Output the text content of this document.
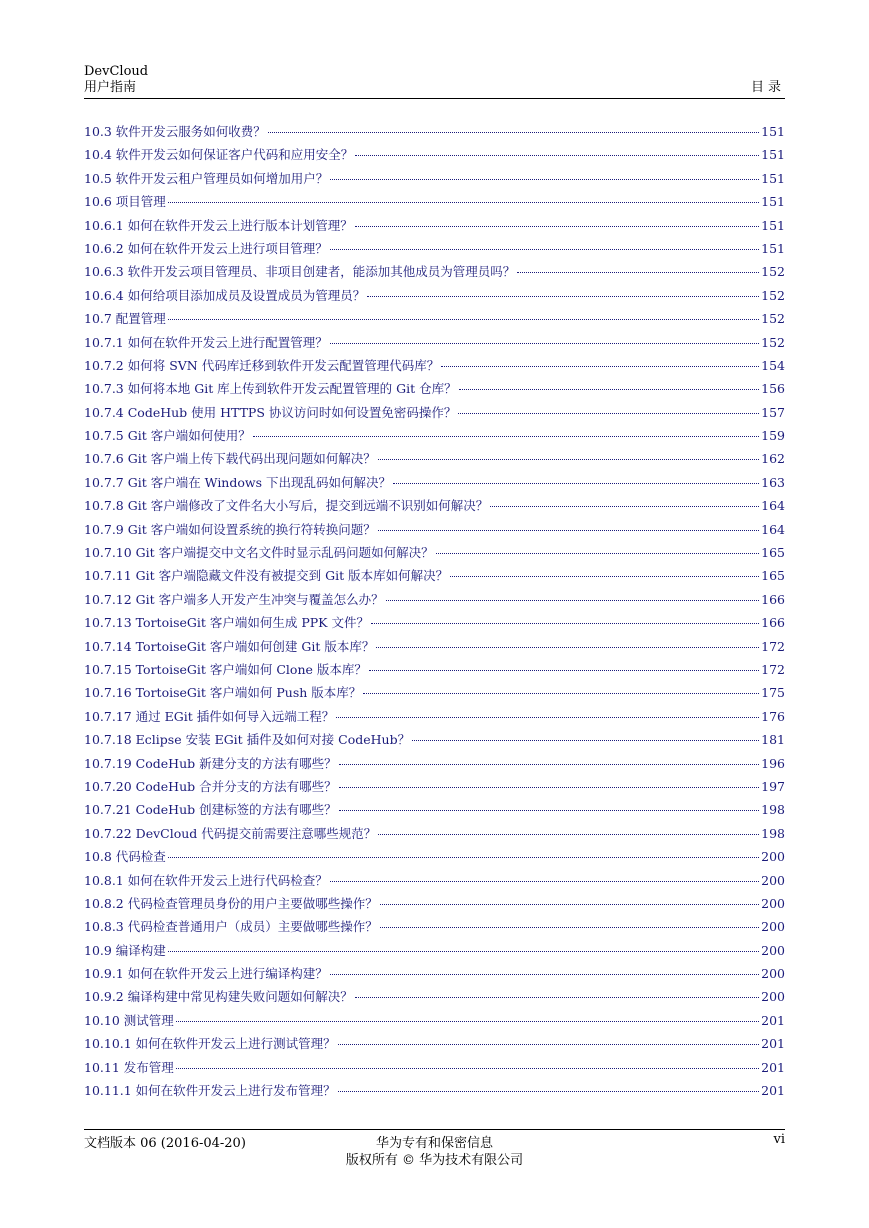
DevCloud
用户指南	目录
10.3 软件开发云服务如何收费？	151
10.4 软件开发云如何保证客户代码和应用安全？	151
10.5 软件开发云租户管理员如何增加用户？	151
10.6 项目管理	151
10.6.1 如何在软件开发云上进行版本计划管理？	151
10.6.2 如何在软件开发云上进行项目管理？	151
10.6.3 软件开发云项目管理员、非项目创建者，能添加其他成员为管理员吗？	152
10.6.4 如何给项目添加成员及设置成员为管理员？	152
10.7 配置管理	152
10.7.1 如何在软件开发云上进行配置管理？	152
10.7.2 如何将 SVN 代码库迁移到软件开发云配置管理代码库？	154
10.7.3 如何将本地 Git 库上传到软件开发云配置管理的 Git 仓库？	156
10.7.4 CodeHub 使用 HTTPS 协议访问时如何设置免密码操作？	157
10.7.5 Git 客户端如何使用？	159
10.7.6 Git 客户端上传下载代码出现问题如何解决？	162
10.7.7 Git 客户端在 Windows 下出现乱码如何解决？	163
10.7.8 Git 客户端修改了文件名大小写后，提交到远端不识别如何解决？	164
10.7.9 Git 客户端如何设置系统的换行符转换问题？	164
10.7.10 Git 客户端提交中文名文件时显示乱码问题如何解决？	165
10.7.11 Git 客户端隐藏文件没有被提交到 Git 版本库如何解决？	165
10.7.12 Git 客户端多人开发产生冲突与覆盖怎么办？	166
10.7.13 TortoiseGit 客户端如何生成 PPK 文件？	166
10.7.14 TortoiseGit 客户端如何创建 Git 版本库？	172
10.7.15 TortoiseGit 客户端如何 Clone 版本库？	172
10.7.16 TortoiseGit 客户端如何 Push 版本库？	175
10.7.17 通过 EGit 插件如何导入远端工程？	176
10.7.18 Eclipse 安装 EGit 插件及如何对接 CodeHub？	181
10.7.19 CodeHub 新建分支的方法有哪些？	196
10.7.20 CodeHub 合并分支的方法有哪些？	197
10.7.21 CodeHub 创建标签的方法有哪些？	198
10.7.22 DevCloud 代码提交前需要注意哪些规范？	198
10.8 代码检查	200
10.8.1 如何在软件开发云上进行代码检查？	200
10.8.2 代码检查管理员身份的用户主要做哪些操作？	200
10.8.3 代码检查普通用户（成员）主要做哪些操作？	200
10.9 编译构建	200
10.9.1 如何在软件开发云上进行编译构建？	200
10.9.2 编译构建中常见构建失败问题如何解决？	200
10.10 测试管理	201
10.10.1 如何在软件开发云上进行测试管理？	201
10.11 发布管理	201
10.11.1 如何在软件开发云上进行发布管理？	201
文档版本 06 (2016-04-20)	华为专有和保密信息
版权所有 © 华为技术有限公司
vi
